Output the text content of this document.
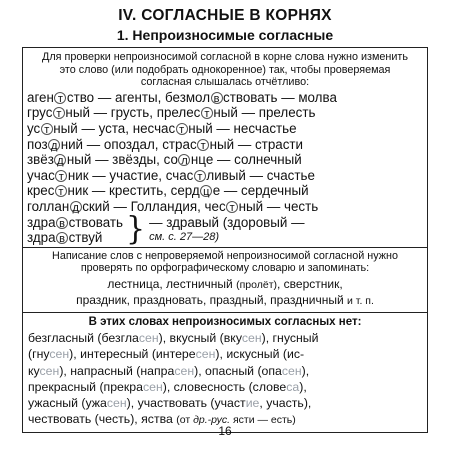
IV. СОГЛАСНЫЕ В КОРНЯХ
1. Непроизносимые согласные
Для проверки непроизносимой согласной в корне слова нужно изменить это слово (или подобрать однокоренное) так, чтобы проверяемая согласная слышалась отчётливо:
аген т ство — агенты, безмол в ствовать — молва
грус т ный — грусть, прелес т ный — прелесть
ус т ный — уста, несчас т ный — несчастье
поз д ний — опоздал, страс т ный — страсти
звёз д ный — звёзды, со л нце — солнечный
учас т ник — участие, счас т ливый — счастье
крес т ник — крестить, серд ц е — сердечный
голлан д ский — Голландия, чес т ный — честь
здра в ствовать
здра в ствуй } — здравый (здоровый —
см. с. 27—28)
Написание слов с непроверяемой непроизносимой согласной нужно проверять по орфографическому словарю и запоминать:
лестница, лестничный (пролёт), сверстник,
праздник, праздновать, праздный, праздничный и т. п.
В этих словах непроизносимых согласных нет:
безгласный (безгласен), вкусный (вкусен), гнусный
(гнусен), интересный (интересен), искусный (ис-
кусен), напрасный (напрасен), опасный (опасен),
прекрасный (прекрасен), словесность (словеса),
ужасный (ужасен), участвовать (участие, участь),
чествовать (честь), яства (от др.-рус. ясти — есть)
16
